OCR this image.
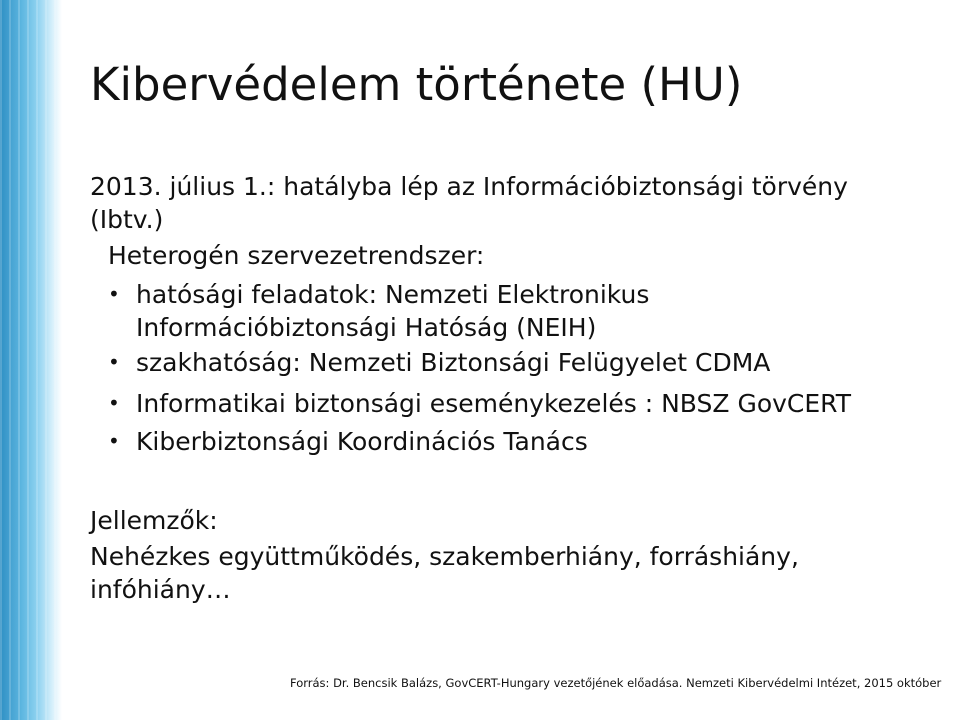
Kibervédelem története (HU)
2013. július 1.: hatályba lép az Információbiztonsági törvény
(Ibtv.)
Heterogén szervezetrendszer:
• hatósági feladatok: Nemzeti Elektronikus
Információbiztonsági Hatóság (NEIH)
• szakhatóság: Nemzeti Biztonsági Felügyelet CDMA
• Informatikai biztonsági eseménykezelés : NBSZ GovCERT
• Kiberbiztonsági Koordinációs Tanács
Jellemzők:
Nehézkes együttműködés, szakemberhiány, forráshiány,
infóhiány…
Forrás: Dr. Bencsik Balázs, GovCERT-Hungary vezetőjének előadása. Nemzeti Kibervédelmi Intézet, 2015 október
